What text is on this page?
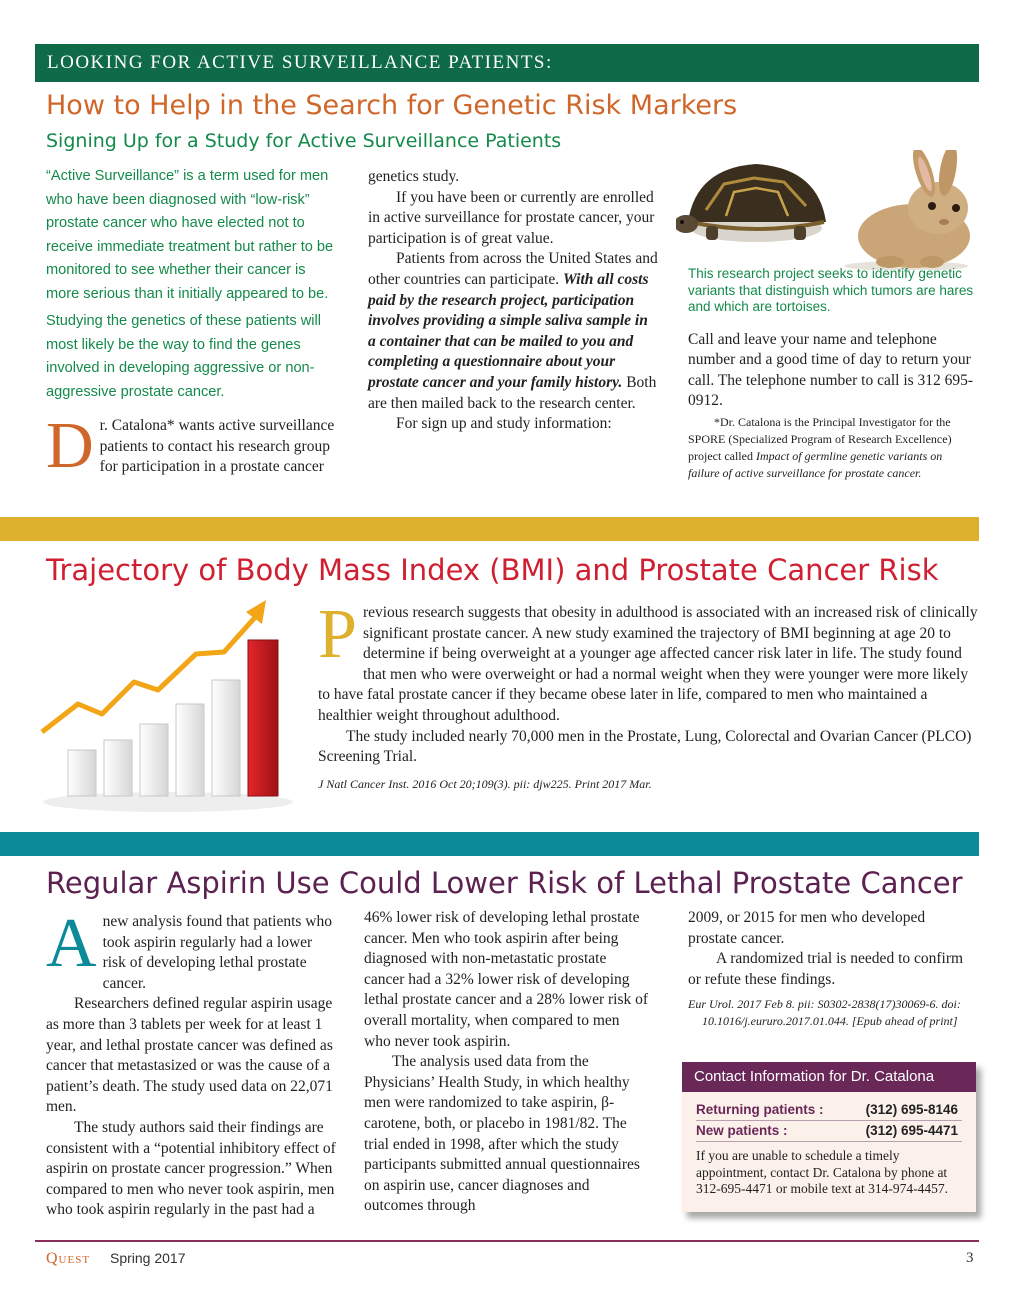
LOOKING FOR ACTIVE SURVEILLANCE PATIENTS:
How to Help in the Search for Genetic Risk Markers
Signing Up for a Study for Active Surveillance Patients

“Active Surveillance” is a term used for men who have been diagnosed with “low-risk” prostate cancer who have elected not to receive immediate treatment but rather to be monitored to see whether their cancer is more serious than it initially appeared to be.

Studying the genetics of these patients will most likely be the way to find the genes involved in developing aggressive or non-aggressive prostate cancer.

D r. Catalona* wants active surveillance patients to contact his research group for participation in a prostate cancer

genetics study.

If you have been or currently are enrolled in active surveillance for prostate cancer, your participation is of great value.

Patients from across the United States and other countries can participate. With all costs paid by the research project, participation involves providing a simple saliva sample in a container that can be mailed to you and completing a questionnaire about your prostate cancer and your family history. Both are then mailed back to the research center.

For sign up and study information:

This research project seeks to identify genetic variants that distinguish which tumors are hares and which are tortoises.

Call and leave your name and telephone number and a good time of day to return your call. The telephone number to call is 312 695-0912.

*Dr. Catalona is the Principal Investigator for the SPORE (Specialized Program of Research Excellence) project called Impact of germline genetic variants on failure of active surveillance for prostate cancer.

Trajectory of Body Mass Index (BMI) and Prostate Cancer Risk

Previous research suggests that obesity in adulthood is associated with an increased risk of clinically significant prostate cancer. A new study examined the trajectory of BMI beginning at age 20 to determine if being overweight at a younger age affected cancer risk later in life. The study found that men who were overweight or had a normal weight when they were younger were more likely to have fatal prostate cancer if they became obese later in life, compared to men who maintained a healthier weight throughout adulthood.

The study included nearly 70,000 men in the Prostate, Lung, Colorectal and Ovarian Cancer (PLCO) Screening Trial.

J Natl Cancer Inst. 2016 Oct 20;109(3). pii: djw225. Print 2017 Mar.

Regular Aspirin Use Could Lower Risk of Lethal Prostate Cancer

Anew analysis found that patients who took aspirin regularly had a lower risk of developing lethal prostate cancer.

Researchers defined regular aspirin usage as more than 3 tablets per week for at least 1 year, and lethal prostate cancer was defined as cancer that metastasized or was the cause of a patient’s death. The study used data on 22,071 men.

The study authors said their findings are consistent with a “potential inhibitory effect of aspirin on prostate cancer progression.” When compared to men who never took aspirin, men who took aspirin regularly in the past had a

46% lower risk of developing lethal prostate cancer. Men who took aspirin after being diagnosed with non-metastatic prostate cancer had a 32% lower risk of developing lethal prostate cancer and a 28% lower risk of overall mortality, when compared to men who never took aspirin.

The analysis used data from the Physicians’ Health Study, in which healthy men were randomized to take aspirin, β-carotene, both, or placebo in 1981/82. The trial ended in 1998, after which the study participants submitted annual questionnaires on aspirin use, cancer diagnoses and outcomes through

2009, or 2015 for men who developed prostate cancer.

A randomized trial is needed to confirm or refute these findings.

Eur Urol. 2017 Feb 8. pii: S0302-2838(17)30069-6. doi: 10.1016/j.eururo.2017.01.044. [Epub ahead of print]

Contact Information for Dr. Catalona
Returning patients :	(312) 695-8146
New patients :	(312) 695-4471

If you are unable to schedule a timely appointment, contact Dr. Catalona by phone at 312-695-4471 or mobile text at 314-974-4457.

Quest Spring 2017	3
